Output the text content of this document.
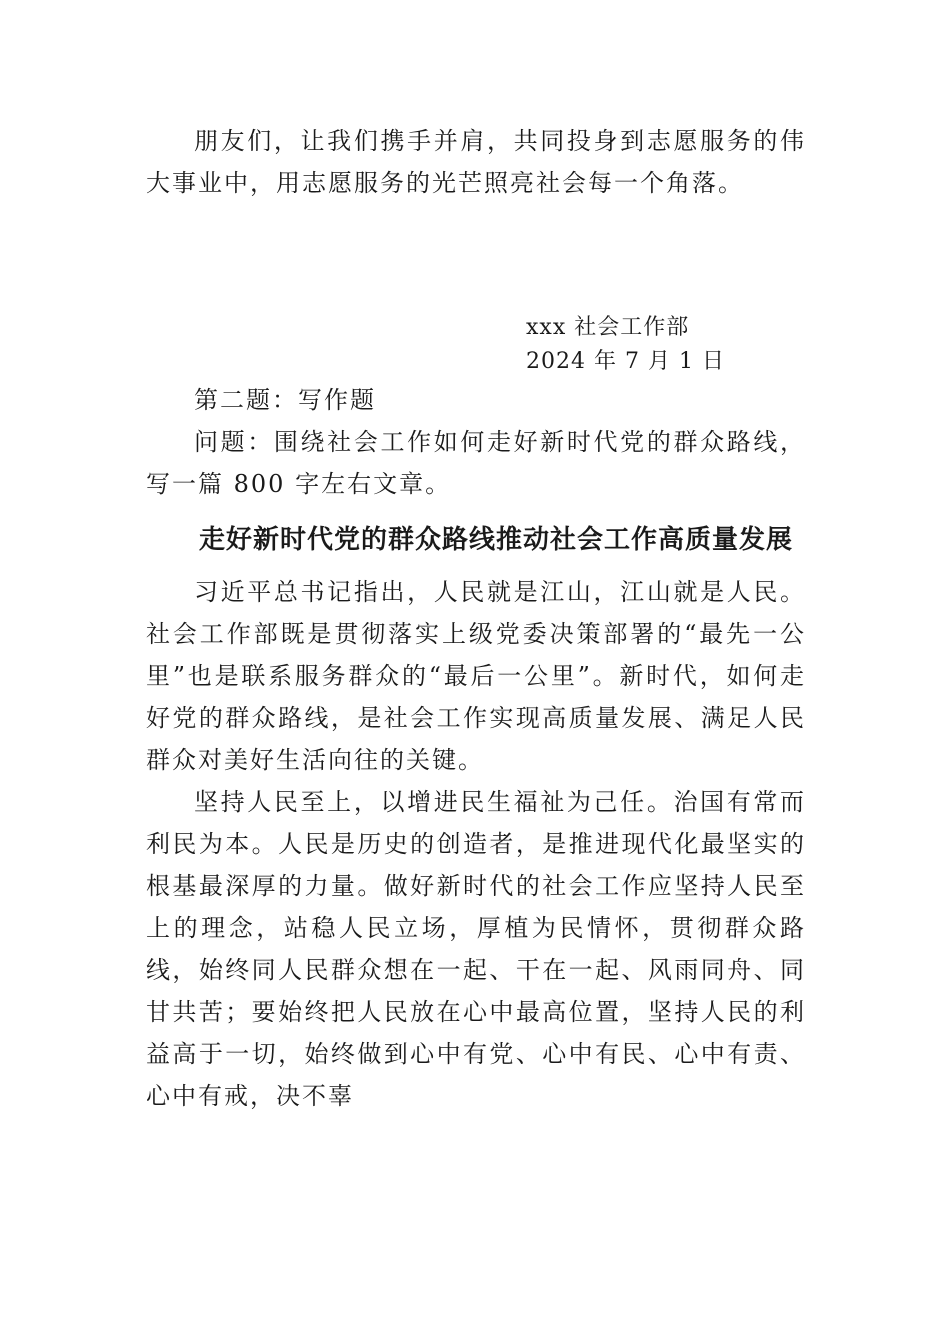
朋友们，让我们携手并肩，共同投身到志愿服务的伟大事业中，用志愿服务的光芒照亮社会每一个角落。

xxx 社会工作部

2024 年 7 月 1 日

第二题：写作题

问题：围绕社会工作如何走好新时代党的群众路线，写一篇 800 字左右文章。

走好新时代党的群众路线推动社会工作高质量发展

习近平总书记指出，人民就是江山，江山就是人民。社会工作部既是贯彻落实上级党委决策部署的“最先一公里”也是联系服务群众的“最后一公里”。新时代，如何走好党的群众路线，是社会工作实现高质量发展、满足人民群众对美好生活向往的关键。

坚持人民至上，以增进民生福祉为己任。治国有常而利民为本。人民是历史的创造者，是推进现代化最坚实的根基最深厚的力量。做好新时代的社会工作应坚持人民至上的理念，站稳人民立场，厚植为民情怀，贯彻群众路线，始终同人民群众想在一起、干在一起、风雨同舟、同甘共苦；要始终把人民放在心中最高位置，坚持人民的利益高于一切，始终做到心中有党、心中有民、心中有责、心中有戒，决不辜
